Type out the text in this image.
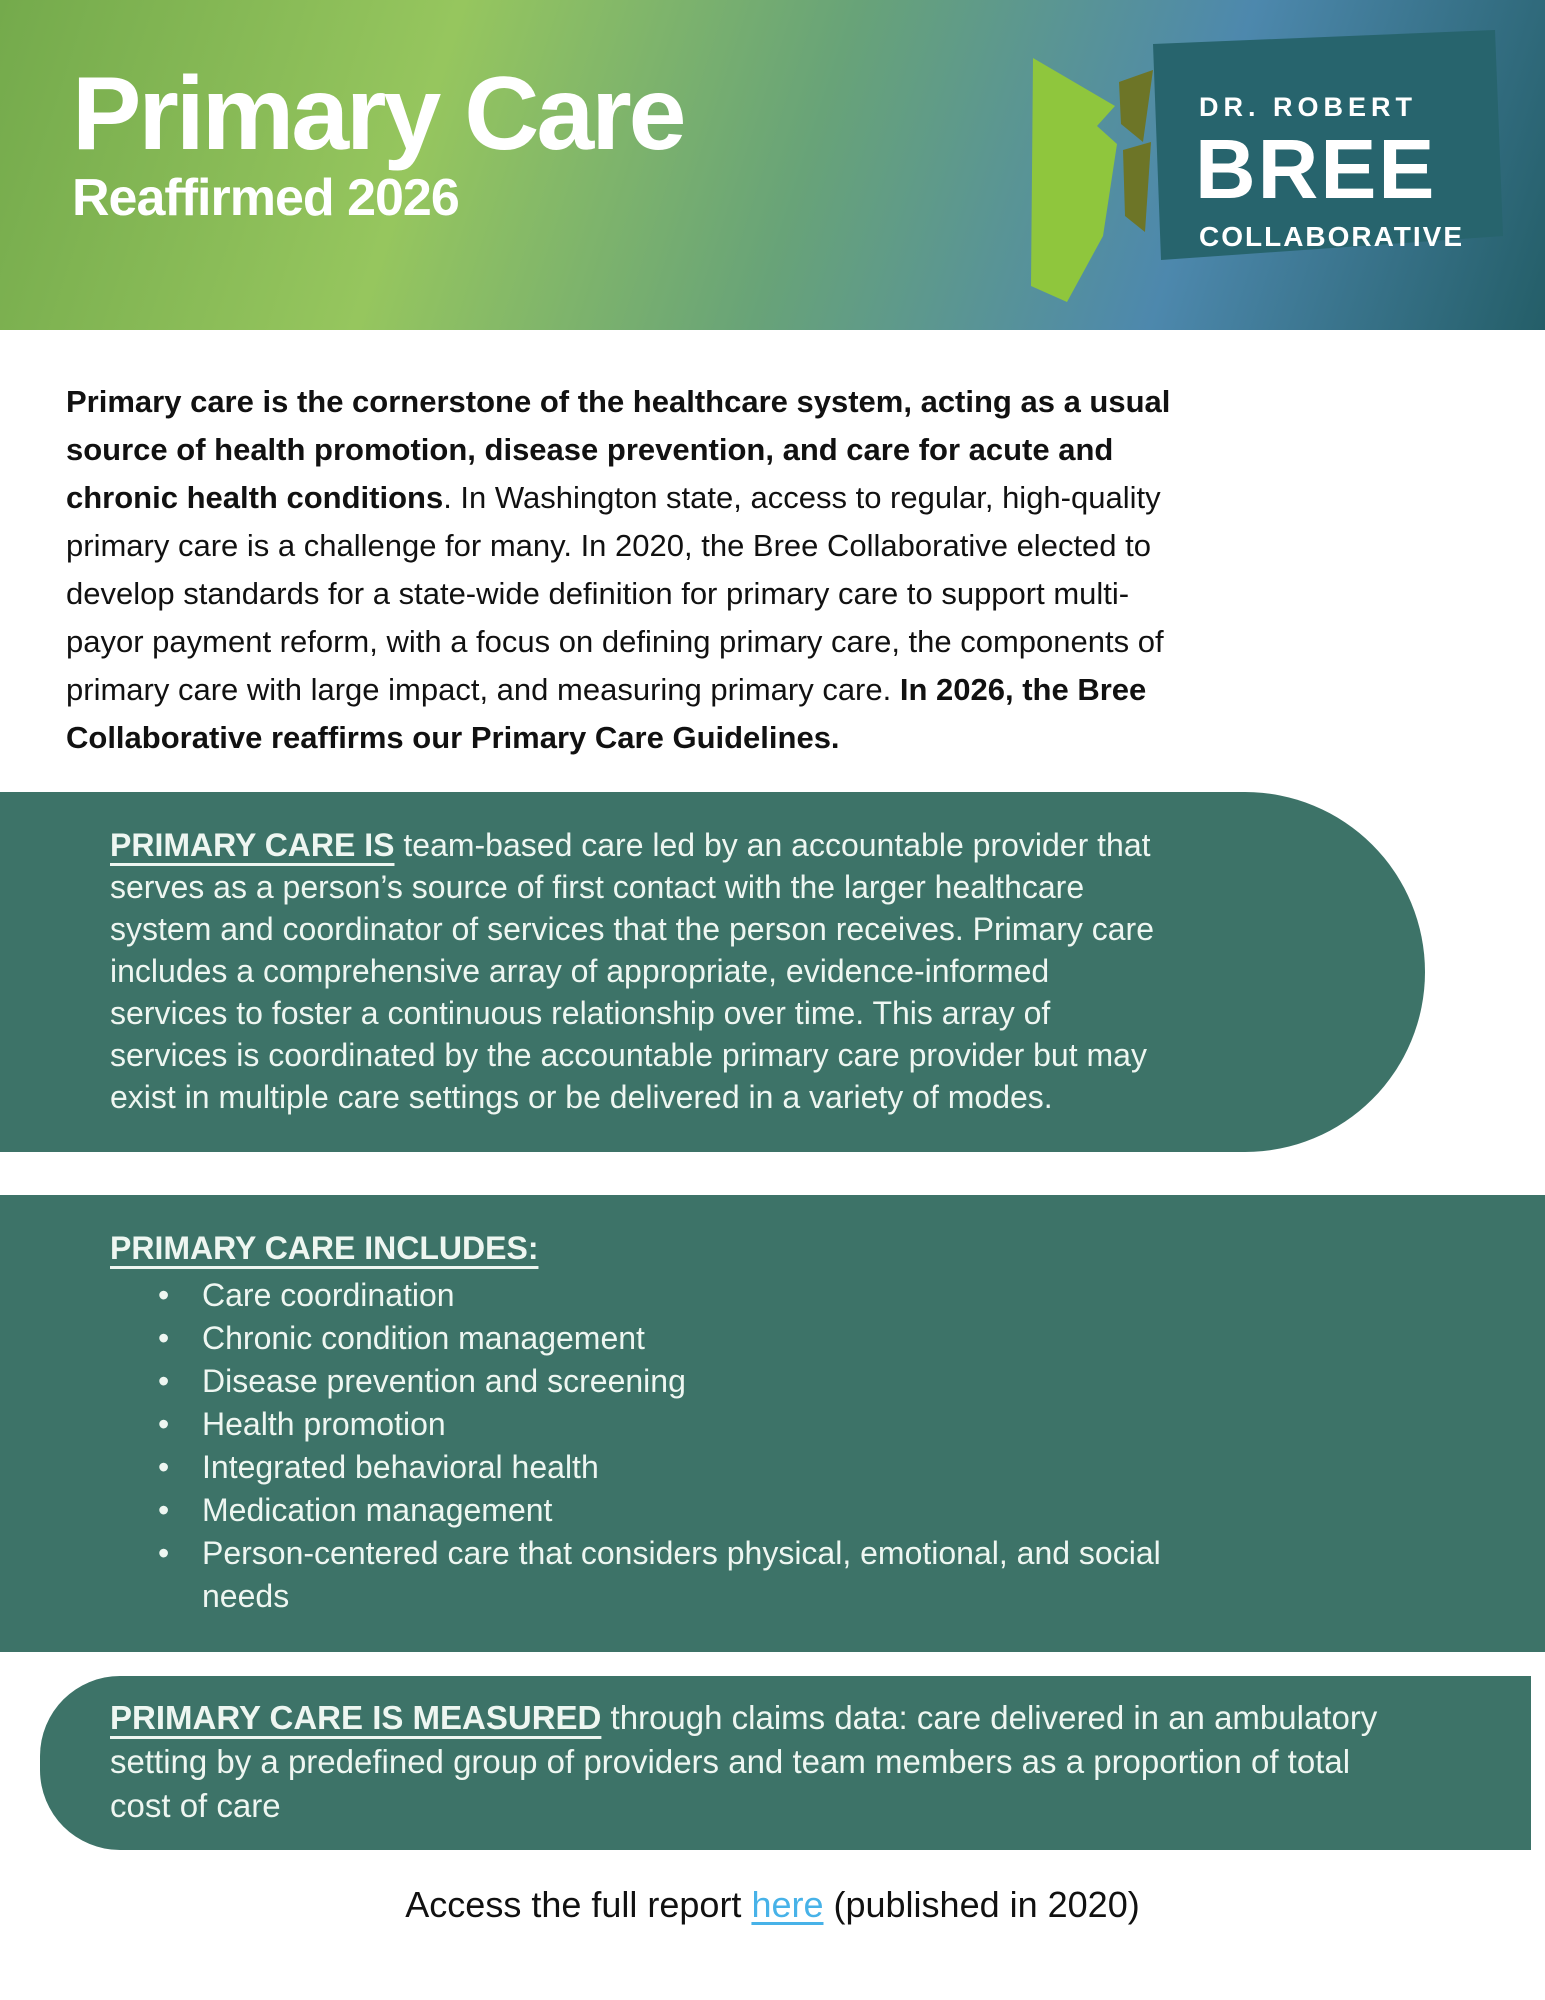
Primary Care
Reaffirmed 2026
DR. ROBERT
BREE
COLLABORATIVE

Primary care is the cornerstone of the healthcare system, acting as a usual source of health promotion, disease prevention, and care for acute and chronic health conditions. In Washington state, access to regular, high-quality primary care is a challenge for many. In 2020, the Bree Collaborative elected to develop standards for a state-wide definition for primary care to support multi-payor payment reform, with a focus on defining primary care, the components of primary care with large impact, and measuring primary care. In 2026, the Bree Collaborative reaffirms our Primary Care Guidelines.

PRIMARY CARE IS team-based care led by an accountable provider that serves as a person’s source of first contact with the larger healthcare system and coordinator of services that the person receives. Primary care includes a comprehensive array of appropriate, evidence-informed services to foster a continuous relationship over time. This array of services is coordinated by the accountable primary care provider but may exist in multiple care settings or be delivered in a variety of modes.

PRIMARY CARE INCLUDES:

• Care coordination
• Chronic condition management
• Disease prevention and screening
• Health promotion
• Integrated behavioral health
• Medication management
• Person-centered care that considers physical, emotional, and social needs

PRIMARY CARE IS MEASURED through claims data: care delivered in an ambulatory setting by a predefined group of providers and team members as a proportion of total cost of care

Access the full report here (published in 2020)
